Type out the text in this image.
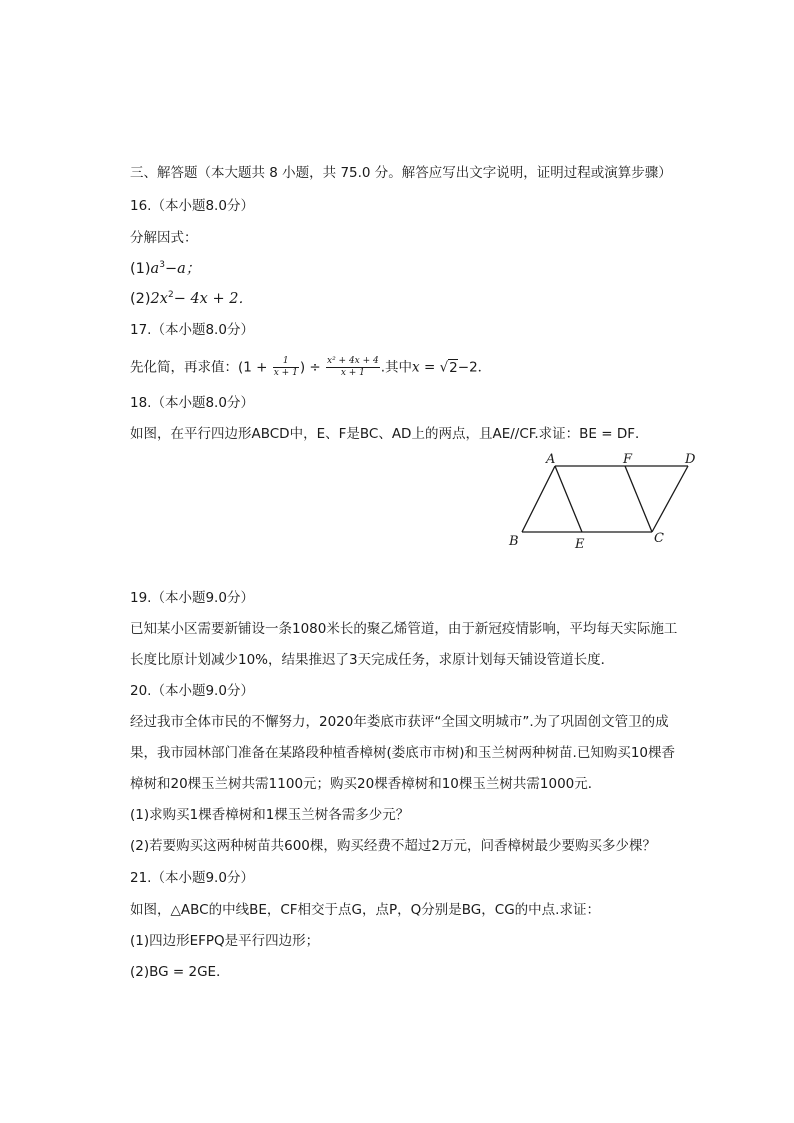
三、解答题（本大题共 8 小题，共 75.0 分。解答应写出文字说明，证明过程或演算步骤）
16.（本小题8.0分）
分解因式：
$(1)a^3-a$；
$(2)2x^2- 4x + 2$．
17.（本小题8.0分）
先化简，再求值：($1 + \frac{1}{x + 1}$ ) ÷ $\frac{\text{x² + 4x + 4}}{x + 1}$ .其中x = √2−2．
18.（本小题8.0分）
如图，在平行四边形ABCD中，E、F是BC、AD上的两点，且AE//CF.求证：BE = DF．
A	F	D
B	E	C
19.（本小题9.0分）
已知某小区需要新铺设一条1080米长的聚乙烯管道，由于新冠疫情影响，平均每天实际施工
长度比原计划减少10%，结果推迟了3天完成任务，求原计划每天铺设管道长度．
20.（本小题9.0分）
经过我市全体市民的不懈努力，2020年娄底市获评“全国文明城市”.为了巩固创文管卫的成
果，我市园林部门准备在某路段种植香樟树(娄底市市树)和玉兰树两种树苗.已知购买10棵香
樟树和20棵玉兰树共需1100元；购买20棵香樟树和10棵玉兰树共需1000元．
(1)求购买1棵香樟树和1棵玉兰树各需多少元？
(2)若要购买这两种树苗共600棵，购买经费不超过2万元，问香樟树最少要购买多少棵？
21.（本小题9.0分）
如图，△ABC的中线BE，CF相交于点G，点P，Q分别是BG，CG的中点.求证：
(1)四边形EFPQ是平行四边形；
(2)BG = 2GE．
